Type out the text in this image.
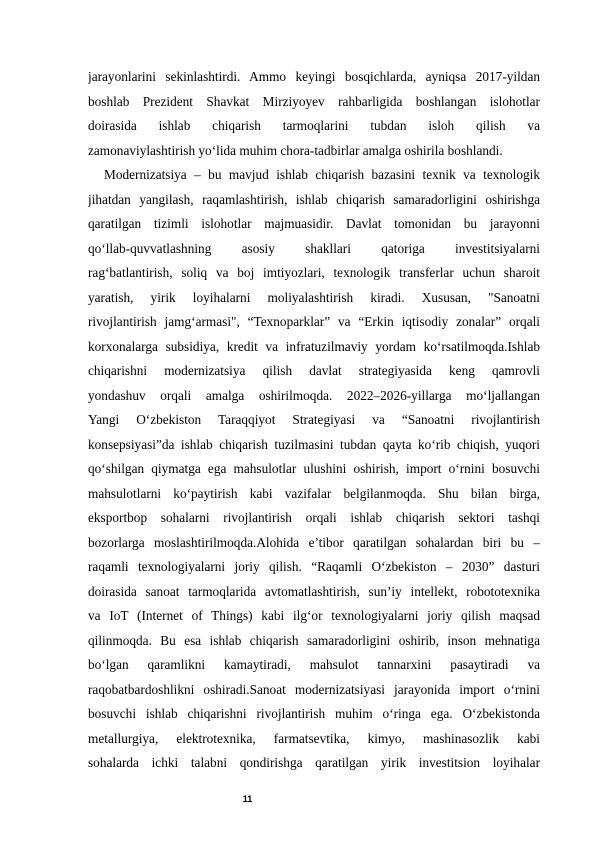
jarayonlarini sekinlashtirdi. Ammo keyingi bosqichlarda, ayniqsa 2017-yildan
boshlab Prezident Shavkat Mirziyoyev rahbarligida boshlangan islohotlar
doirasida ishlab chiqarish tarmoqlarini tubdan isloh qilish va
zamonaviylashtirish yo‘lida muhim chora-tadbirlar amalga oshirila boshlandi.
Modernizatsiya – bu mavjud ishlab chiqarish bazasini texnik va texnologik
jihatdan yangilash, raqamlashtirish, ishlab chiqarish samaradorligini oshirishga
qaratilgan tizimli islohotlar majmuasidir. Davlat tomonidan bu jarayonni
qo‘llab-quvvatlashning asosiy shakllari qatoriga investitsiyalarni
rag‘batlantirish, soliq va boj imtiyozlari, texnologik transferlar uchun sharoit
yaratish, yirik loyihalarni moliyalashtirish kiradi. Xususan, "Sanoatni
rivojlantirish jamg‘armasi", “Texnoparklar” va “Erkin iqtisodiy zonalar” orqali
korxonalarga subsidiya, kredit va infratuzilmaviy yordam ko‘rsatilmoqda.Ishlab
chiqarishni modernizatsiya qilish davlat strategiyasida keng qamrovli
yondashuv orqali amalga oshirilmoqda. 2022–2026-yillarga mo‘ljallangan
Yangi O‘zbekiston Taraqqiyot Strategiyasi va “Sanoatni rivojlantirish
konsepsiyasi”da ishlab chiqarish tuzilmasini tubdan qayta ko‘rib chiqish, yuqori
qo‘shilgan qiymatga ega mahsulotlar ulushini oshirish, import o‘rnini bosuvchi
mahsulotlarni ko‘paytirish kabi vazifalar belgilanmoqda. Shu bilan birga,
eksportbop sohalarni rivojlantirish orqali ishlab chiqarish sektori tashqi
bozorlarga moslashtirilmoqda.Alohida e’tibor qaratilgan sohalardan biri bu –
raqamli texnologiyalarni joriy qilish. “Raqamli O‘zbekiston – 2030” dasturi
doirasida sanoat tarmoqlarida avtomatlashtirish, sun’iy intellekt, robototexnika
va IoT (Internet of Things) kabi ilg‘or texnologiyalarni joriy qilish maqsad
qilinmoqda. Bu esa ishlab chiqarish samaradorligini oshirib, inson mehnatiga
bo‘lgan qaramlikni kamaytiradi, mahsulot tannarxini pasaytiradi va
raqobatbardoshlikni oshiradi.Sanoat modernizatsiyasi jarayonida import o‘rnini
bosuvchi ishlab chiqarishni rivojlantirish muhim o‘ringa ega. O‘zbekistonda
metallurgiya, elektrotexnika, farmatsevtika, kimyo, mashinasozlik kabi
sohalarda ichki talabni qondirishga qaratilgan yirik investitsion loyihalar
11
